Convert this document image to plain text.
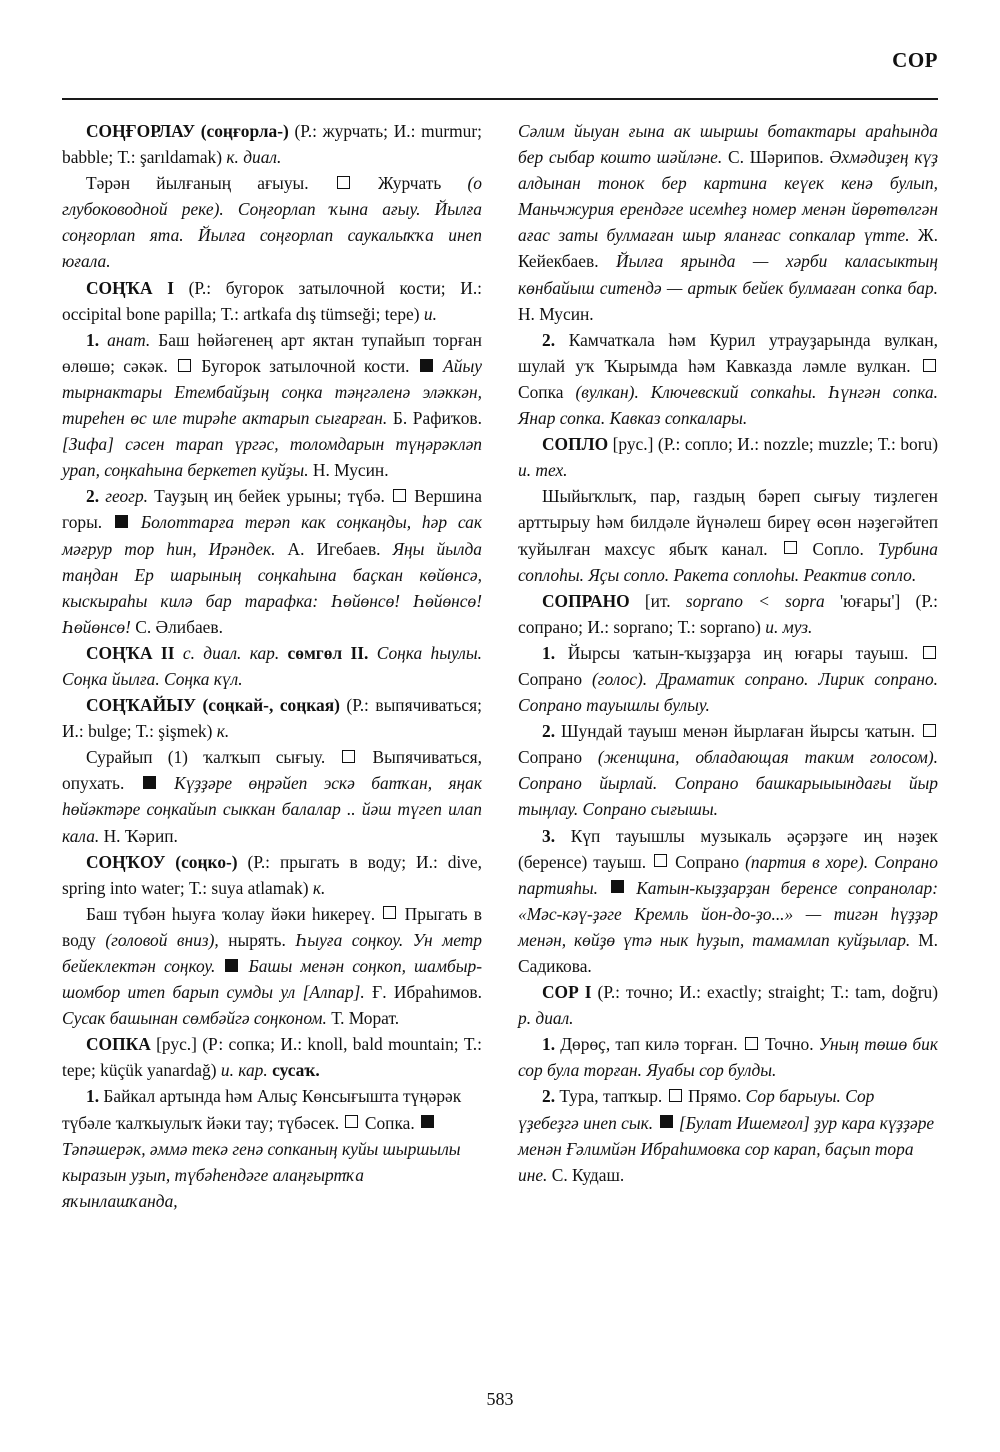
СОР

СОҢҒОРЛАУ (соңғорла-) (Р.: журчать; И.: murmur; babble; Т.: şarıldamak) к. диал.

Тәрән йылғаның ағыуы.	Журчать (о глубоководной реке). Соңғорлап ҡына ағыу. Йылға соңғорлап ята. Йылға соңғорлап саукалыҡҡа инеп юғала.

СОҢҠА I (Р.: бугорок затылочной кости; И.: occipital bone papilla; Т.: artkafa dış tümseği; tepe) и.

1. анат. Баш һөйәгенең арт яктан тупайып торған өлөшө; сәкәк. Бугорок затылочной кости. Айыу тырнактары Етембайҙың соңка тәңгәленә эләккән, тиреһен өс иле тирәһе актарып сығарған. Б. Рафиҡов. [Зифа] сәсен тарап үргәс, толомдарын түңәрәкләп урап, соңкаһына беркетеп куйҙы. Н. Мусин.

2. геогр. Тауҙың иң бейек урыны; түбә. Вершина горы. Болоттарға терәп как соңкаңды, һәр сак мәғрур тор һин, Ирәндек. А. Игебаев. Яңы йылда таңдан Ер шарының соңкаһына баҫкан көйөнсә, кыскыраһы килә бар тарафка: Һөйөнсө! Һөйөнсө! Һөйөнсө! С. Әлибаев.

СОҢҠА II с. диал. кар. сөмгөл II. Соңка һыулы. Соңка йылға. Соңка күл.

СОҢҠАЙЫУ (соңкай-, соңкая) (Р.: выпячиваться; И.: bulge; Т.: şişmek) к.

Сурайып (1) ҡалҡып сығыу.	Выпячиваться, опухать.	Күҙҙәре өңрәйеп эскә батҡан, яңак һөйәктәре соңкайып сыккан балалар .. йәш түгеп илап кала. Н. Ҡәрип.

СОҢҠОУ (соңко-) (Р.: прыгать в воду; И.: dive, spring into water; Т.: suya atlamak) к.

Баш түбән һыуға ҡолау йәки һикереү. Прыгать в воду (головой вниз), нырять. Һыуға соңкоу. Ун метр бейеклектән соңкоу. Башы менән соңкоп, шамбыр-шомбор итеп барып сумды ул [Алпар]. Ғ. Ибраһимов. Сусак башынан сөмбәйгә соңконом. Т. Морат.

СОПКА [рус.] (Р: сопка; И.: knoll, bald mountain; Т.: tepe; küçük yanardağ) и. кар. сусаҡ.

1. Байкал артында һәм Алыҫ Көнсығышта түңәрәк түбәле ҡалҡыулыҡ йәки тау; түбәсек. Сопка.  Тәпәшерәк, әммә текә генә сопканың куйы шыршылы кыразын уҙып, түбәһендәге алаңғыртҡа яҡынлашҡанда,

Сәлим йыуан ғына ак шыршы ботактары араһында бер сыбар кошто шәйләне. С. Шәрипов. Әхмәдиҙең күҙ алдынан тонок бер картина кеүек кенә булып, Маньчжурия ерендәге исемһеҙ номер менән йөрөтөлгән ағас заты булмаған шыр яланғас сопкалар үтте. Ж. Кейекбаев. Йылға ярында — хәрби каласыктың көнбайыш ситендә — артык бейек булмаған сопка бар. Н. Мусин.

2. Камчаткала һәм Курил утрауҙарында вулкан, шулай уҡ Ҡырымда һәм Кавказда ләмле вулкан.  Сопка (вулкан). Ключевский сопкаһы. Һүнгән сопка. Янар сопка. Кавказ сопкалары.

СОПЛО [рус.] (Р.: сопло; И.: nozzle; muzzle; Т.: boru) и. тех.

Шыйыҡлыҡ, пар, газдың бәреп сығыу тиҙлеген арттырыу һәм билдәле йүнәлеш биреү өсөн нәҙегәйтеп ҡуйылған махсус ябыҡ канал.	Сопло. Турбина соплоһы. Яҫы сопло. Ракета соплоһы. Реактив сопло.

СОПРАНО [ит. soprano < sopra 'юғары'] (Р.: сопрано; И.: soprano; Т.: soprano) и. муз.

1. Йырсы ҡатын-ҡыҙҙарҙа иң юғары тауыш.  Сопрано (голос). Драматик сопрано. Лирик сопрано. Сопрано тауышлы булыу.

2. Шундай тауыш менән йырлаған йырсы ҡатын.  Сопрано (женщина, обладающая таким голосом). Сопрано йырлай. Сопрано башкарыыындағы йыр тыңлау. Сопрано сығышы.

3. Күп тауышлы музыкаль әҫәрҙәге иң нәҙек (беренсе) тауыш. Сопрано (партия в хоре). Сопрано партияһы. Катын-кыҙҙарҙан беренсе сопранолар: «Мәс-кәү-ҙәге Кремль йон-до-ҙо...» — тигән һүҙҙәр менән, көйҙө үтә нык һуҙып, тамамлап куйҙылар. М. Садикова.

СОР I (Р.: точно; И.: exactly; straight; Т.: tam, doğru) р. диал.

1. Дөрөҫ, тап килә торған. Точно. Уның төшө бик сор була торған. Яуабы сор булды.

2. Тура, тапҡыр. Прямо. Сор барыуы. Сор үҙебеҙгә инеп сык. [Булат Ишемғол] ҙур кара күҙҙәре менән Ғәлимйән Ибраһимовка сор карап, баҫып тора ине. С. Кудаш.

583
